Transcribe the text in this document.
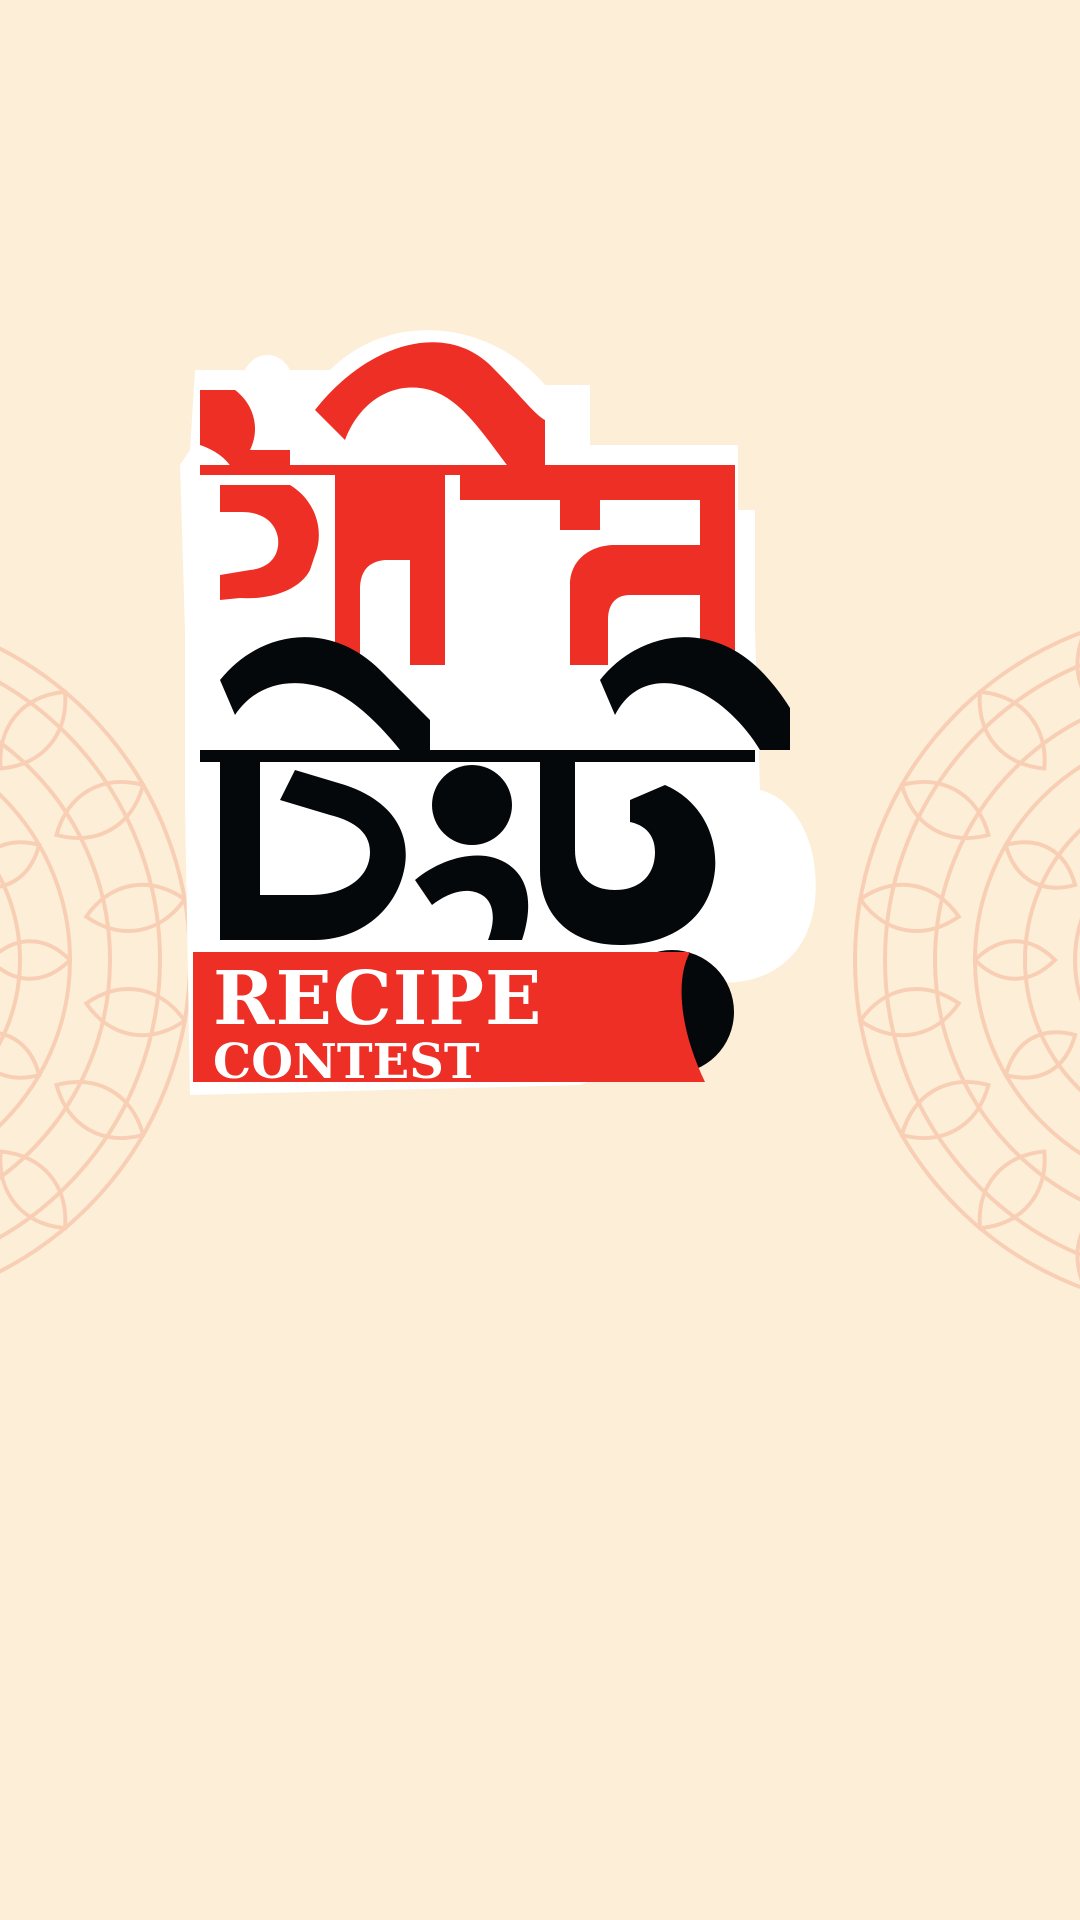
RECIPE
CONTEST
